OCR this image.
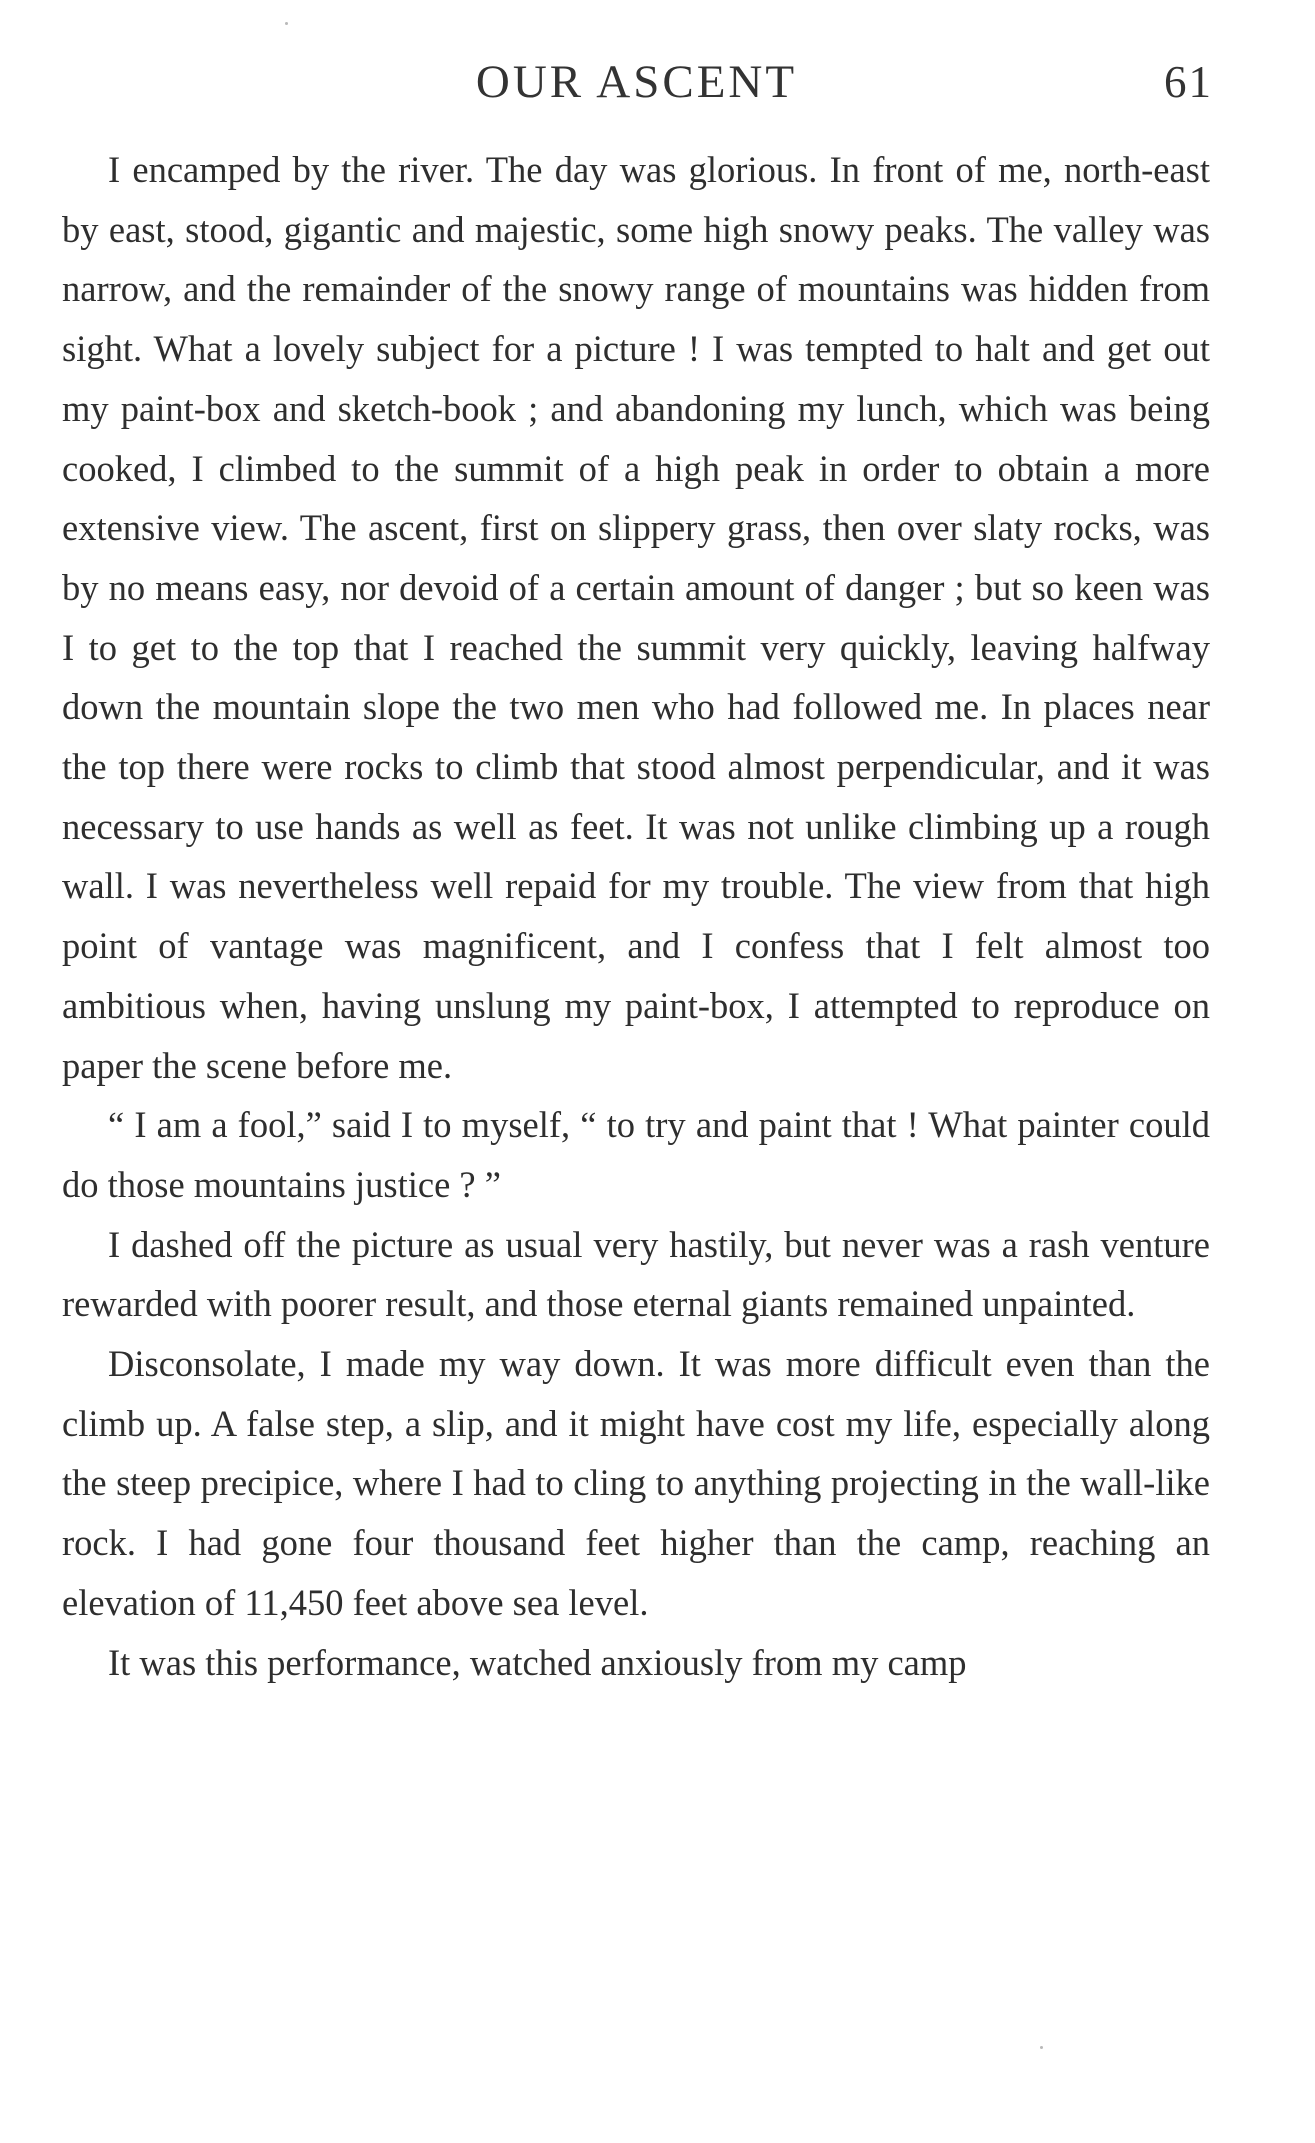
OUR ASCENT	61

I encamped by the river. The day was glorious. In front of me, north-east by east, stood, gigantic and majestic, some high snowy peaks. The valley was narrow, and the remainder of the snowy range of mountains was hidden from sight. What a lovely subject for a picture ! I was tempted to halt and get out my paint-box and sketch-book ; and abandoning my lunch, which was being cooked, I climbed to the summit of a high peak in order to obtain a more extensive view. The ascent, first on slippery grass, then over slaty rocks, was by no means easy, nor devoid of a certain amount of danger ; but so keen was I to get to the top that I reached the summit very quickly, leaving halfway down the mountain slope the two men who had followed me. In places near the top there were rocks to climb that stood almost perpendicular, and it was necessary to use hands as well as feet. It was not unlike climbing up a rough wall. I was nevertheless well repaid for my trouble. The view from that high point of vantage was magnificent, and I confess that I felt almost too ambitious when, having unslung my paint-box, I attempted to reproduce on paper the scene before me.

“ I am a fool,” said I to myself, “ to try and paint that ! What painter could do those mountains justice ? ”

I dashed off the picture as usual very hastily, but never was a rash venture rewarded with poorer result, and those eternal giants remained unpainted.

Disconsolate, I made my way down. It was more difficult even than the climb up. A false step, a slip, and it might have cost my life, especially along the steep precipice, where I had to cling to anything projecting in the wall-like rock. I had gone four thousand feet higher than the camp, reaching an elevation of 11,450 feet above sea level.

It was this performance, watched anxiously from my camp
